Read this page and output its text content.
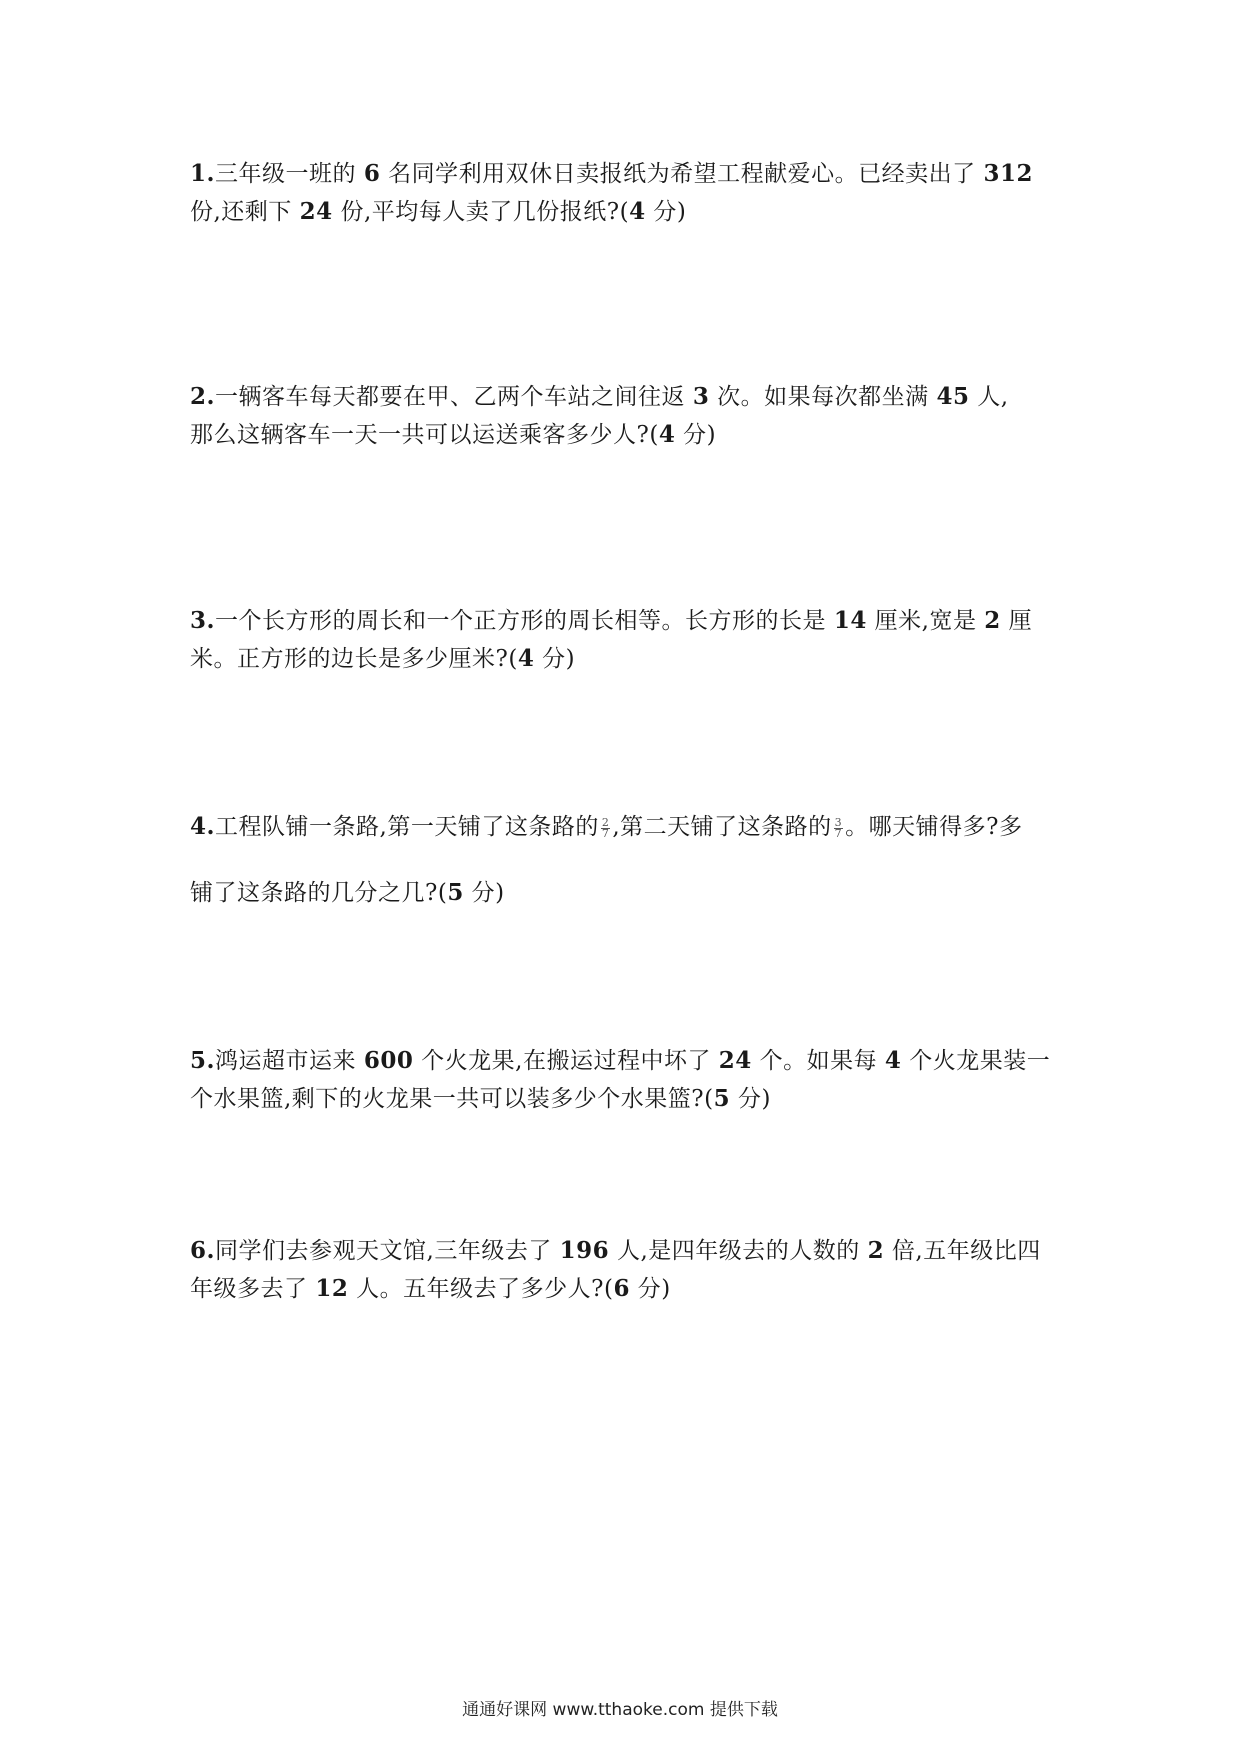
1.三年级一班的 6 名同学利用双休日卖报纸为希望工程献爱心。已经卖出了 312

份,还剩下 24 份,平均每人卖了几份报纸?(4 分)

2.一辆客车每天都要在甲、乙两个车站之间往返 3 次。如果每次都坐满 45 人,

那么这辆客车一天一共可以运送乘客多少人?(4 分)

3.一个长方形的周长和一个正方形的周长相等。长方形的长是 14 厘米,宽是 2 厘

米。正方形的边长是多少厘米?(4 分)

4.工程队铺一条路,第一天铺了这条路的 $\frac{2}{7}$ ,第二天铺了这条路的 $\frac{3}{7}$ 。哪天铺得多?多

铺了这条路的几分之几?(5 分)

5.鸿运超市运来 600 个火龙果,在搬运过程中坏了 24 个。如果每 4 个火龙果装一

个水果篮,剩下的火龙果一共可以装多少个水果篮?(5 分)

6.同学们去参观天文馆,三年级去了 196 人,是四年级去的人数的 2 倍,五年级比四

年级多去了 12 人。五年级去了多少人?(6 分)

通通好课网 www.tthaoke.com 提供下载
